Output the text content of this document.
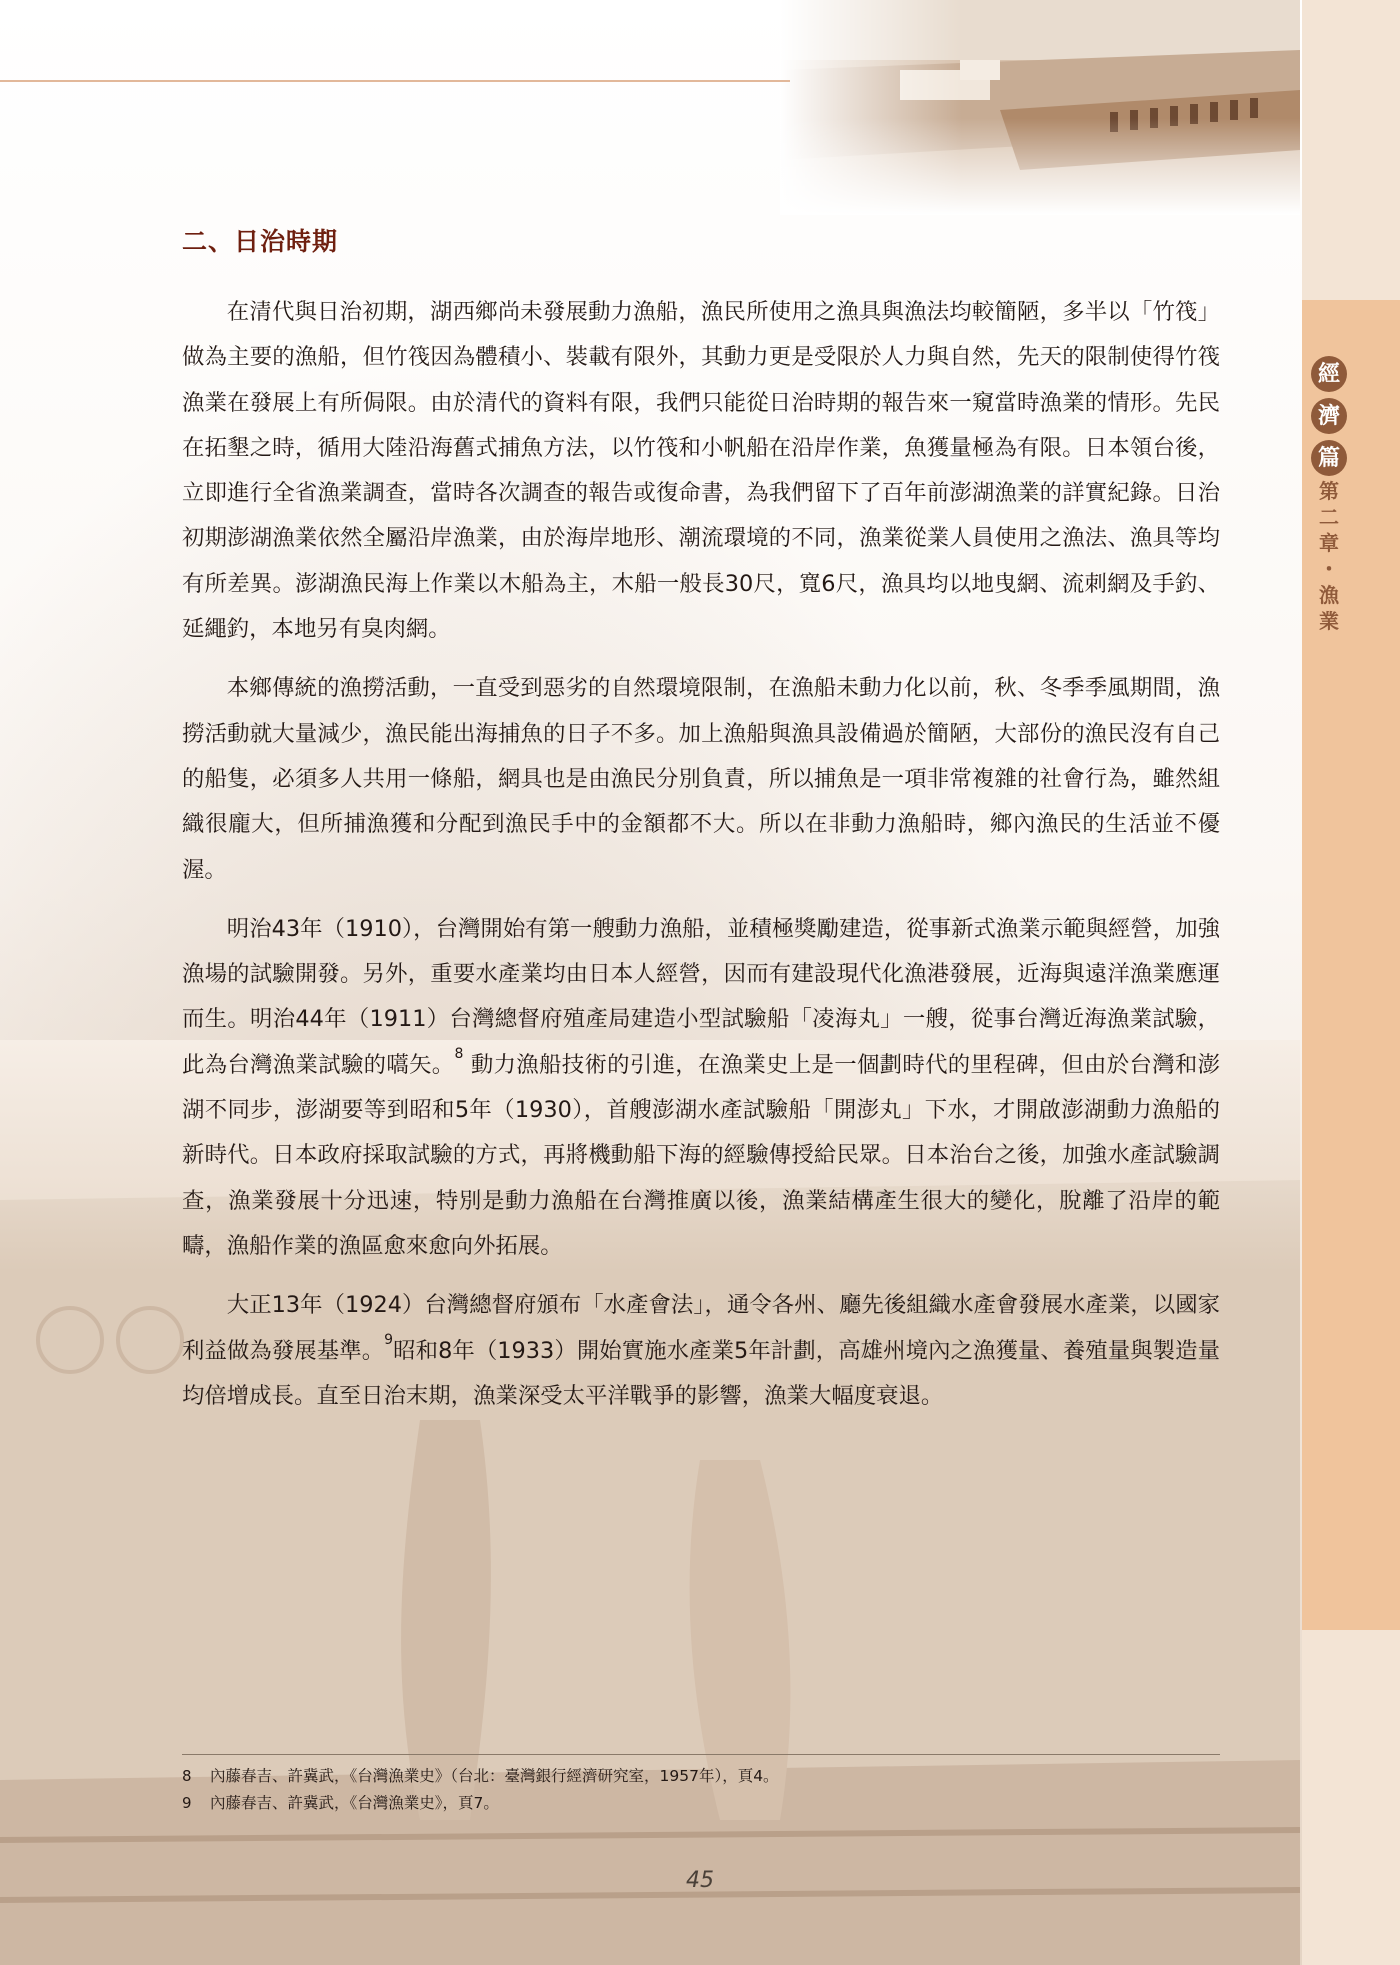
經
濟
篇
第
二
章
・
漁
業
二、日治時期

在清代與日治初期，湖西鄉尚未發展動力漁船，漁民所使用之漁具與漁法均較簡陋，多半以「竹筏」做為主要的漁船，但竹筏因為體積小、裝載有限外，其動力更是受限於人力與自然，先天的限制使得竹筏漁業在發展上有所侷限。由於清代的資料有限，我們只能從日治時期的報告來一窺當時漁業的情形。先民在拓墾之時，循用大陸沿海舊式捕魚方法，以竹筏和小帆船在沿岸作業，魚獲量極為有限。日本領台後，立即進行全省漁業調查，當時各次調查的報告或復命書，為我們留下了百年前澎湖漁業的詳實紀錄。日治初期澎湖漁業依然全屬沿岸漁業，由於海岸地形、潮流環境的不同，漁業從業人員使用之漁法、漁具等均有所差異。澎湖漁民海上作業以木船為主，木船一般長30尺，寬6尺，漁具均以地曳網、流刺網及手釣、延繩釣，本地另有臭肉網。

本鄉傳統的漁撈活動，一直受到惡劣的自然環境限制，在漁船未動力化以前，秋、冬季季風期間，漁撈活動就大量減少，漁民能出海捕魚的日子不多。加上漁船與漁具設備過於簡陋，大部份的漁民沒有自己的船隻，必須多人共用一條船，網具也是由漁民分別負責，所以捕魚是一項非常複雜的社會行為，雖然組織很龐大，但所捕漁獲和分配到漁民手中的金額都不大。所以在非動力漁船時，鄉內漁民的生活並不優渥。

明治43年（1910），台灣開始有第一艘動力漁船，並積極獎勵建造，從事新式漁業示範與經營，加強漁場的試驗開發。另外，重要水產業均由日本人經營，因而有建設現代化漁港發展，近海與遠洋漁業應運而生。明治44年（1911）台灣總督府殖產局建造小型試驗船「凌海丸」一艘，從事台灣近海漁業試驗，此為台灣漁業試驗的嚆矢。$^8$ 動力漁船技術的引進，在漁業史上是一個劃時代的里程碑，但由於台灣和澎湖不同步，澎湖要等到昭和5年（1930），首艘澎湖水產試驗船「開澎丸」下水，才開啟澎湖動力漁船的新時代。日本政府採取試驗的方式，再將機動船下海的經驗傳授給民眾。日本治台之後，加強水產試驗調查，漁業發展十分迅速，特別是動力漁船在台灣推廣以後，漁業結構產生很大的變化，脫離了沿岸的範疇，漁船作業的漁區愈來愈向外拓展。

大正13年（1924）台灣總督府頒布「水產會法」，通令各州、廳先後組織水產會發展水產業，以國家利益做為發展基準。$^9$昭和8年（1933）開始實施水產業5年計劃，高雄州境內之漁獲量、養殖量與製造量均倍增成長。直至日治末期，漁業深受太平洋戰爭的影響，漁業大幅度衰退。

8	內藤春吉、許冀武，《台灣漁業史》（台北：臺灣銀行經濟研究室，1957年），頁4。
9	內藤春吉、許冀武，《台灣漁業史》，頁7。
45
